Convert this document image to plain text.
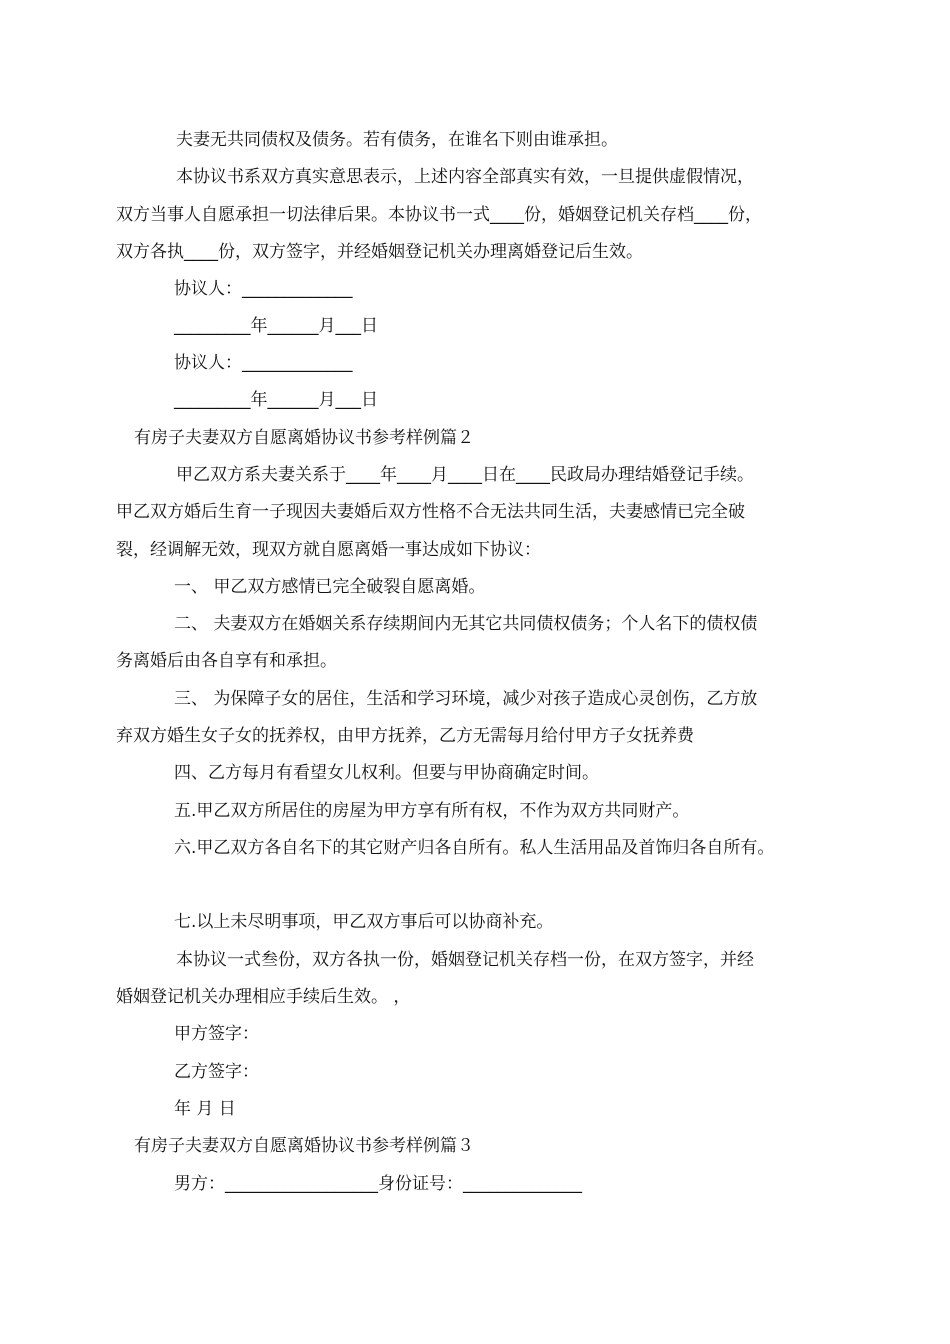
夫妻无共同债权及债务。若有债务，在谁名下则由谁承担。

本协议书系双方真实意思表示，上述内容全部真实有效，一旦提供虚假情况，

双方当事人自愿承担一切法律后果。本协议书一式____份，婚姻登记机关存档____份，

双方各执____份，双方签字，并经婚姻登记机关办理离婚登记后生效。

协议人：_____________

_________年______月___日

协议人：_____________

_________年______月___日

有房子夫妻双方自愿离婚协议书参考样例篇２

甲乙双方系夫妻关系于____年____月____日在____民政局办理结婚登记手续。

甲乙双方婚后生育一子现因夫妻婚后双方性格不合无法共同生活，夫妻感情已完全破

裂，经调解无效，现双方就自愿离婚一事达成如下协议：

一、 甲乙双方感情已完全破裂自愿离婚。

二、 夫妻双方在婚姻关系存续期间内无其它共同债权债务；个人名下的债权债

务离婚后由各自享有和承担。

三、 为保障子女的居住，生活和学习环境，减少对孩子造成心灵创伤，乙方放

弃双方婚生女子女的抚养权，由甲方抚养，乙方无需每月给付甲方子女抚养费

四、乙方每月有看望女儿权利。但要与甲协商确定时间。

五.甲乙双方所居住的房屋为甲方享有所有权，不作为双方共同财产。

六.甲乙双方各自名下的其它财产归各自所有。私人生活用品及首饰归各自所有。

七.以上未尽明事项，甲乙双方事后可以协商补充。

本协议一式叁份，双方各执一份，婚姻登记机关存档一份，在双方签字，并经

婚姻登记机关办理相应手续后生效。 ，

甲方签字：

乙方签字：

年 月 日

有房子夫妻双方自愿离婚协议书参考样例篇３

男方：__________________身份证号：______________
